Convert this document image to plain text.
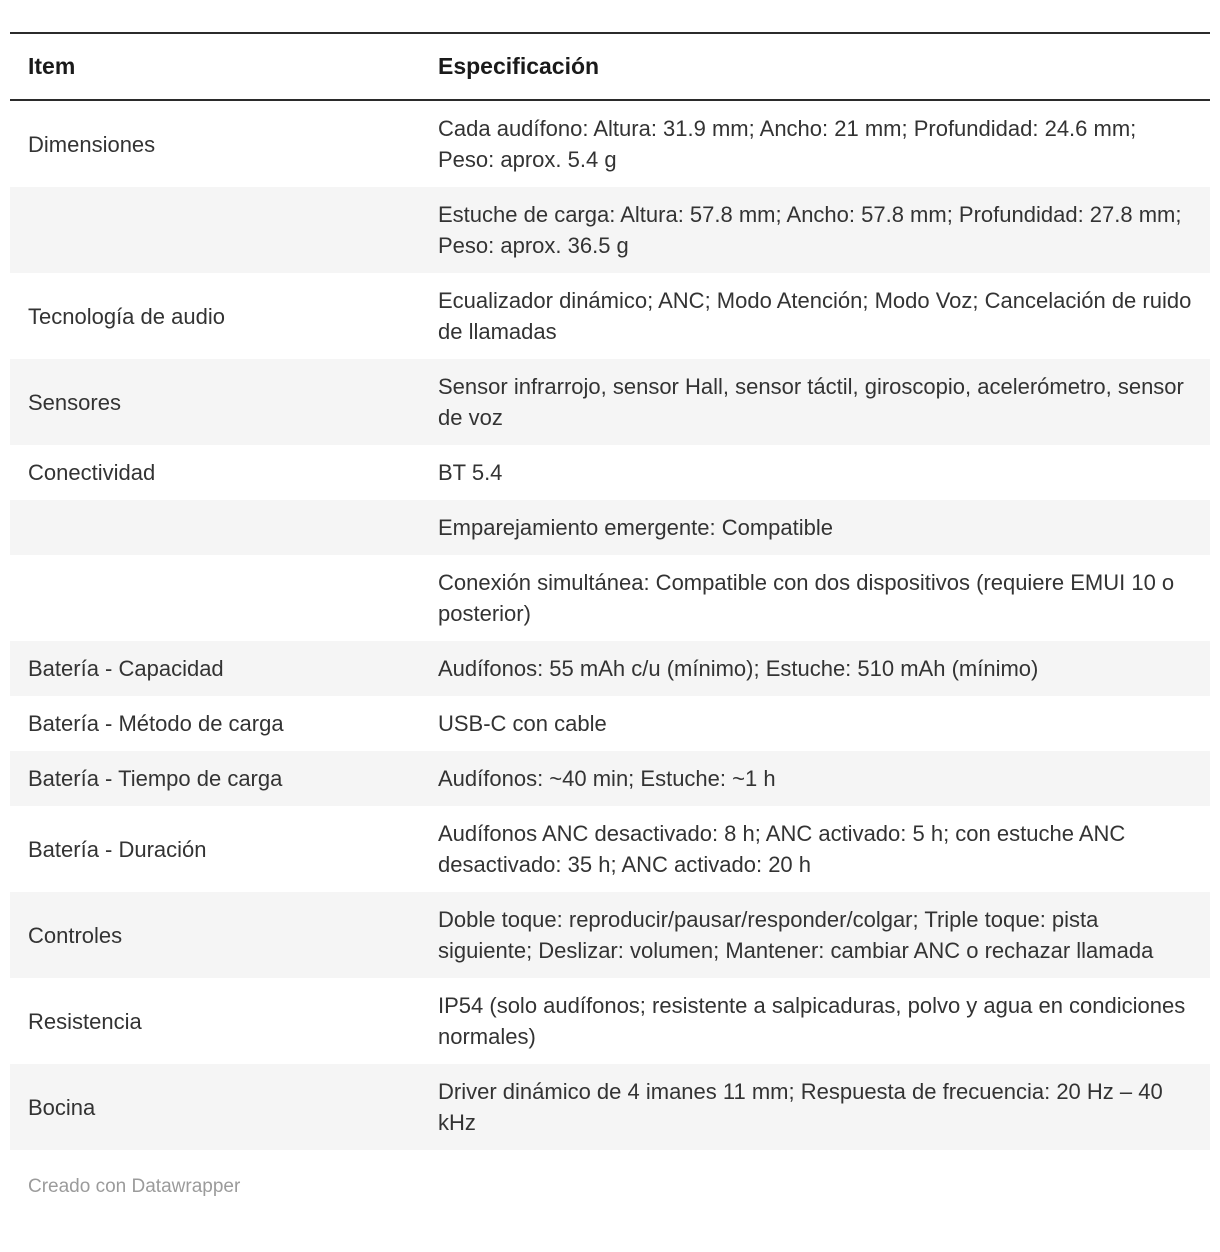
Item	Especificación
Dimensiones	Cada audífono: Altura: 31.9 mm; Ancho: 21 mm; Profundidad: 24.6 mm; Peso: aprox. 5.4 g
	Estuche de carga: Altura: 57.8 mm; Ancho: 57.8 mm; Profundidad: 27.8 mm; Peso: aprox. 36.5 g
Tecnología de audio	Ecualizador dinámico; ANC; Modo Atención; Modo Voz; Cancelación de ruido de llamadas
Sensores	Sensor infrarrojo, sensor Hall, sensor táctil, giroscopio, acelerómetro, sensor de voz
Conectividad	BT 5.4
	Emparejamiento emergente: Compatible
	Conexión simultánea: Compatible con dos dispositivos (requiere EMUI 10 o posterior)
Batería - Capacidad	Audífonos: 55 mAh c/u (mínimo); Estuche: 510 mAh (mínimo)
Batería - Método de carga	USB-C con cable
Batería - Tiempo de carga	Audífonos: ~40 min; Estuche: ~1 h
Batería - Duración	Audífonos ANC desactivado: 8 h; ANC activado: 5 h; con estuche ANC desactivado: 35 h; ANC activado: 20 h
Controles	Doble toque: reproducir/pausar/responder/colgar; Triple toque: pista siguiente; Deslizar: volumen; Mantener: cambiar ANC o rechazar llamada
Resistencia	IP54 (solo audífonos; resistente a salpicaduras, polvo y agua en condiciones normales)
Bocina	Driver dinámico de 4 imanes 11 mm; Respuesta de frecuencia: 20 Hz – 40 kHz
Creado con Datawrapper
